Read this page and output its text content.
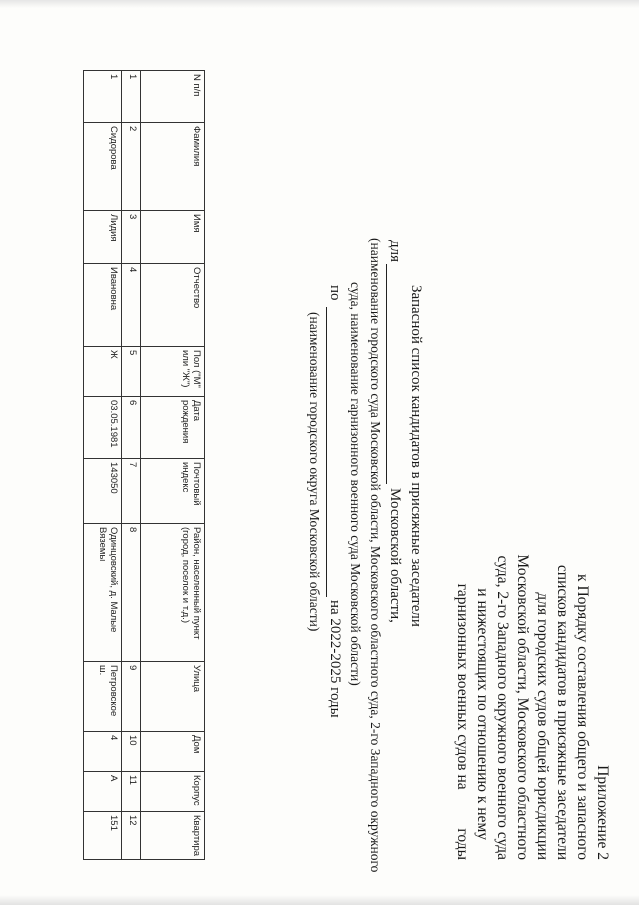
Приложение 2
к Порядку составления общего и запасного
списков кандидатов в присяжные заседатели
для городских судов общей юрисдикции
Московской области, Московского областного
суда, 2-го Западного окружного военного суда
и нижестоящих по отношению к нему
гарнизонных военных судов на          годы
Запасной список кандидатов в присяжные заседатели
для
Московской области,
(наименование городского суда Московской области, Московского областного суда, 2-го Западного окружного
суда, наименование гарнизонного военного суда Московской области)
по
на 2022-2025 годы
(наименование городского округа Московской области)
N п/п	Фамилия	Имя	Отчество	Пол ("М" или "Ж")	Дата рождения	Почтовый индекс	Район, населенный пункт (город, поселок и т.д.)	Улица	Дом	Корпус	Квартира
1	2	3	4	5	6	7	8	9	10	11	12
1	Сидорова	Лидия	Ивановна	Ж	03.05.1981	143050	Одинцовский, д. Малые Вяземы	Петровское ш.	4	А	151
